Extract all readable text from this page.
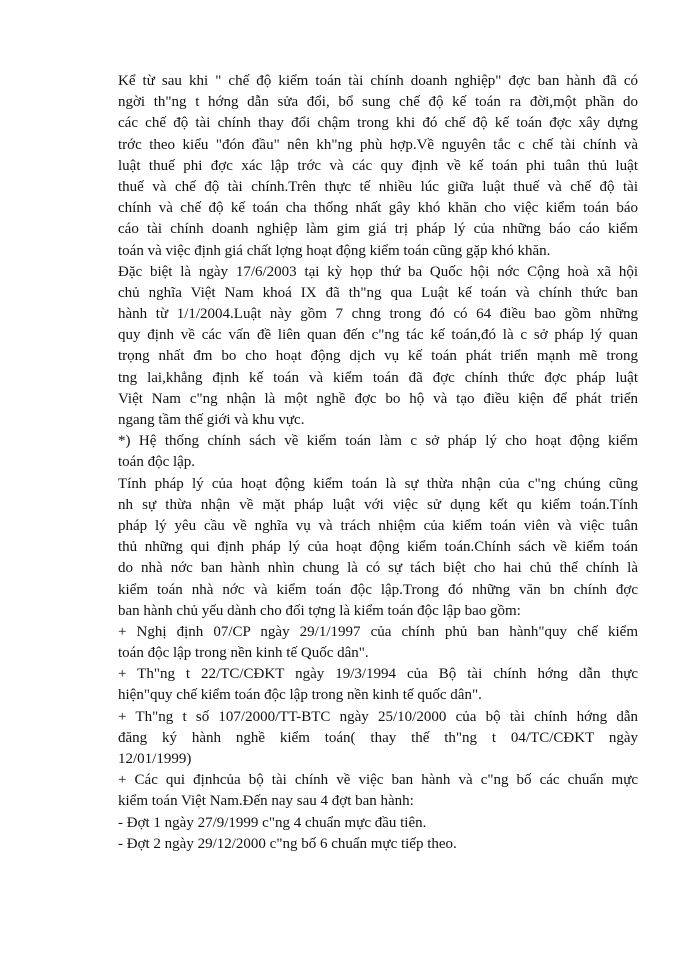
Kể từ sau khi " chế độ kiểm toán tài chính doanh nghiệp" đợc ban hành đã có
ngời th"ng t hớng dẫn sửa đổi, bổ sung chế độ kế toán ra đời,một phần do
các chế độ tài chính thay đổi chậm trong khi đó chế độ kế toán đợc xây dựng
trớc theo kiểu "đón đầu" nên kh"ng phù hợp.Về nguyên tắc c chế tài chính và
luật thuế phi đợc xác lập trớc và các quy định về kế toán phi tuân thủ luật
thuế và chế độ tài chính.Trên thực tế nhiều lúc giữa luật thuế và chế độ tài
chính và chế độ kế toán cha thống nhất gây khó khăn cho việc kiểm toán báo
cáo tài chính doanh nghiệp làm gim giá trị pháp lý của những báo cáo kiểm
toán và việc định giá chất lợng hoạt động kiểm toán cũng gặp khó khăn.
Đặc biệt là ngày 17/6/2003 tại kỳ họp thứ ba Quốc hội nớc Cộng hoà xã hội
chủ nghĩa Việt Nam khoá IX đã th"ng qua Luật kế toán và chính thức ban
hành từ 1/1/2004.Luật này gồm 7 chng trong đó có 64 điều bao gồm những
quy định về các vấn đề liên quan đến c"ng tác kế toán,đó là c sở pháp lý quan
trọng nhất đm bo cho hoạt động dịch vụ kế toán phát triển mạnh mẽ trong
tng lai,khẳng định kế toán và kiểm toán đã đợc chính thức đợc pháp luật
Việt Nam c"ng nhận là một nghề đợc bo hộ và tạo điều kiện để phát triển
ngang tầm thế giới và khu vực.
*) Hệ thống chính sách về kiểm toán làm c sở pháp lý cho hoạt động kiểm
toán độc lập.
Tính pháp lý của hoạt động kiểm toán là sự thừa nhận của c"ng chúng cũng
nh sự thừa nhận về mặt pháp luật với việc sử dụng kết qu kiểm toán.Tính
pháp lý yêu cầu về nghĩa vụ và trách nhiệm của kiểm toán viên và việc tuân
thủ những qui định pháp lý của hoạt động kiểm toán.Chính sách về kiểm toán
do nhà nớc ban hành nhìn chung là có sự tách biệt cho hai chủ thể chính là
kiểm toán nhà nớc và kiểm toán độc lập.Trong đó những văn bn chính đợc
ban hành chủ yếu dành cho đối tợng là kiểm toán độc lập bao gồm:
+ Nghị định 07/CP ngày 29/1/1997 của chính phủ ban hành"quy chế kiểm
toán độc lập trong nền kinh tế Quốc dân".
+ Th"ng t 22/TC/CĐKT ngày 19/3/1994 của Bộ tài chính hớng dẫn thực
hiện"quy chế kiểm toán độc lập trong nền kinh tế quốc dân".
+ Th"ng t số 107/2000/TT-BTC ngày 25/10/2000 của bộ tài chính hớng dẫn
đăng ký hành nghề kiểm toán( thay thế th"ng t 04/TC/CĐKT ngày
12/01/1999)
+ Các qui địnhcủa bộ tài chính về việc ban hành và c"ng bố các chuẩn mực
kiểm toán Việt Nam.Đến nay sau 4 đợt ban hành:
- Đợt 1 ngày 27/9/1999 c"ng 4 chuẩn mực đầu tiên.
- Đợt 2 ngày 29/12/2000 c"ng bố 6 chuẩn mực tiếp theo.
